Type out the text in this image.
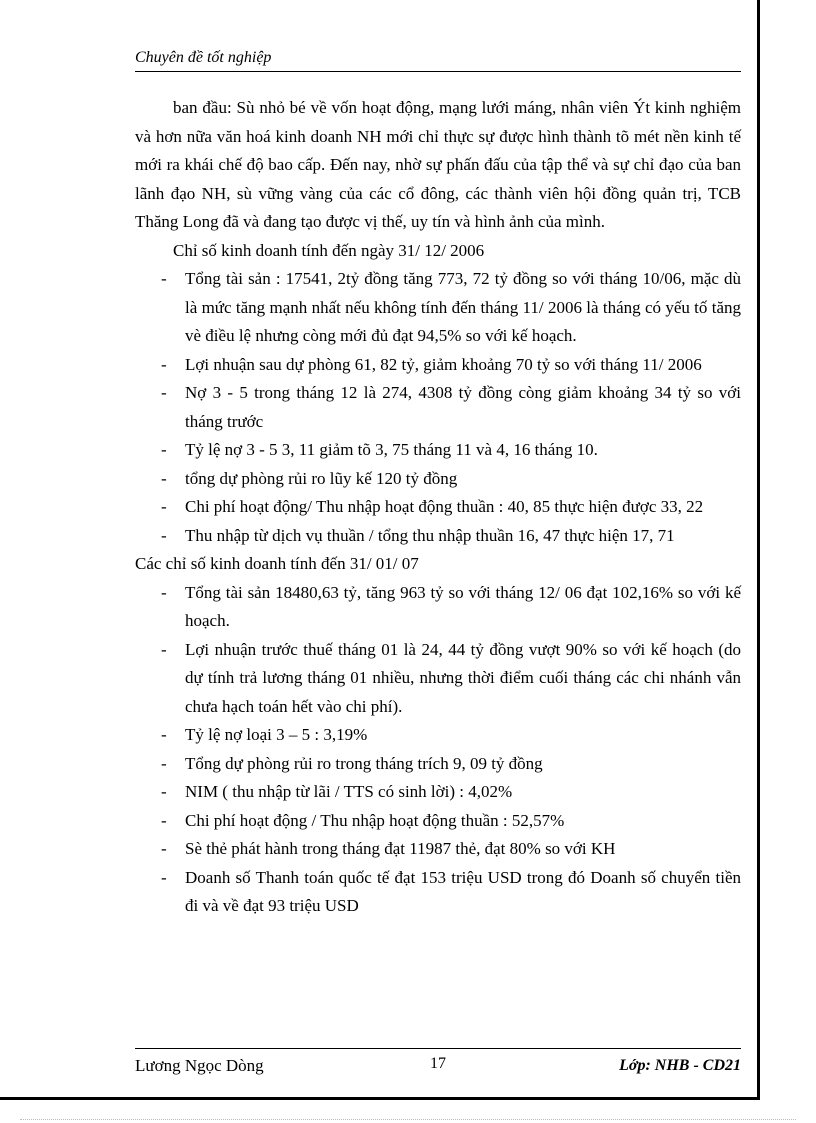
Chuyên đề tốt nghiệp

ban đầu: Sù nhỏ bé về vốn hoạt động, mạng lưới máng, nhân viên Ýt kinh nghiệm và hơn nữa văn hoá kinh doanh NH mới chỉ thực sự được hình thành tõ mét nền kinh tế mới ra khái chế độ bao cấp. Đến nay, nhờ sự phấn đấu của tập thể và sự chỉ đạo của ban lãnh đạo NH, sù vững vàng của các cổ đông, các thành viên hội đồng quản trị, TCB Thăng Long đã và đang tạo được vị thế, uy tín và hình ảnh của mình.

Chỉ số kinh doanh tính đến ngày 31/ 12/ 2006

- Tổng tài sản : 17541, 2tỷ đồng tăng 773, 72 tỷ đồng so với tháng 10/06, mặc dù là mức tăng mạnh nhất nếu không tính đến tháng 11/ 2006 là tháng có yếu tố tăng vè điều lệ nhưng còng mới đủ đạt 94,5% so với kế hoạch.
- Lợi nhuận sau dự phòng 61, 82 tỷ, giảm khoảng 70 tỷ so với tháng 11/ 2006
- Nợ 3 - 5 trong tháng 12 là 274, 4308 tỷ đồng còng giảm khoảng 34 tỷ so với tháng trước
- Tỷ lệ nợ 3 - 5 3, 11 giảm tõ 3, 75 tháng 11 và 4, 16 tháng 10.
- tổng dự phòng rủi ro lũy kế 120 tỷ đồng
- Chi phí hoạt động/ Thu nhập hoạt động thuần : 40, 85 thực hiện được 33, 22
- Thu nhập từ dịch vụ thuần / tổng thu nhập thuần 16, 47 thực hiện 17, 71

Các chỉ số kinh doanh tính đến 31/ 01/ 07

- Tổng tài sản 18480,63 tỷ, tăng 963 tỷ so với tháng 12/ 06 đạt 102,16% so với kế hoạch.
- Lợi nhuận trước thuế tháng 01 là 24, 44 tỷ đồng vượt 90% so với kế hoạch (do dự tính trả lương tháng 01 nhiều, nhưng thời điểm cuối tháng các chi nhánh vẫn chưa hạch toán hết vào chi phí).
- Tỷ lệ nợ loại 3 – 5 : 3,19%
- Tổng dự phòng rủi ro trong tháng trích 9, 09 tỷ đồng
- NIM ( thu nhập từ lãi / TTS có sinh lời) : 4,02%
- Chi phí hoạt động / Thu nhập hoạt động thuần : 52,57%
- Sè thẻ phát hành trong tháng đạt 11987 thẻ, đạt 80% so với KH
- Doanh số Thanh toán quốc tế đạt 153 triệu USD trong đó Doanh số chuyển tiền đi và về đạt 93 triệu USD
Lương Ngọc Dòng	17	Lớp: NHB - CD21
